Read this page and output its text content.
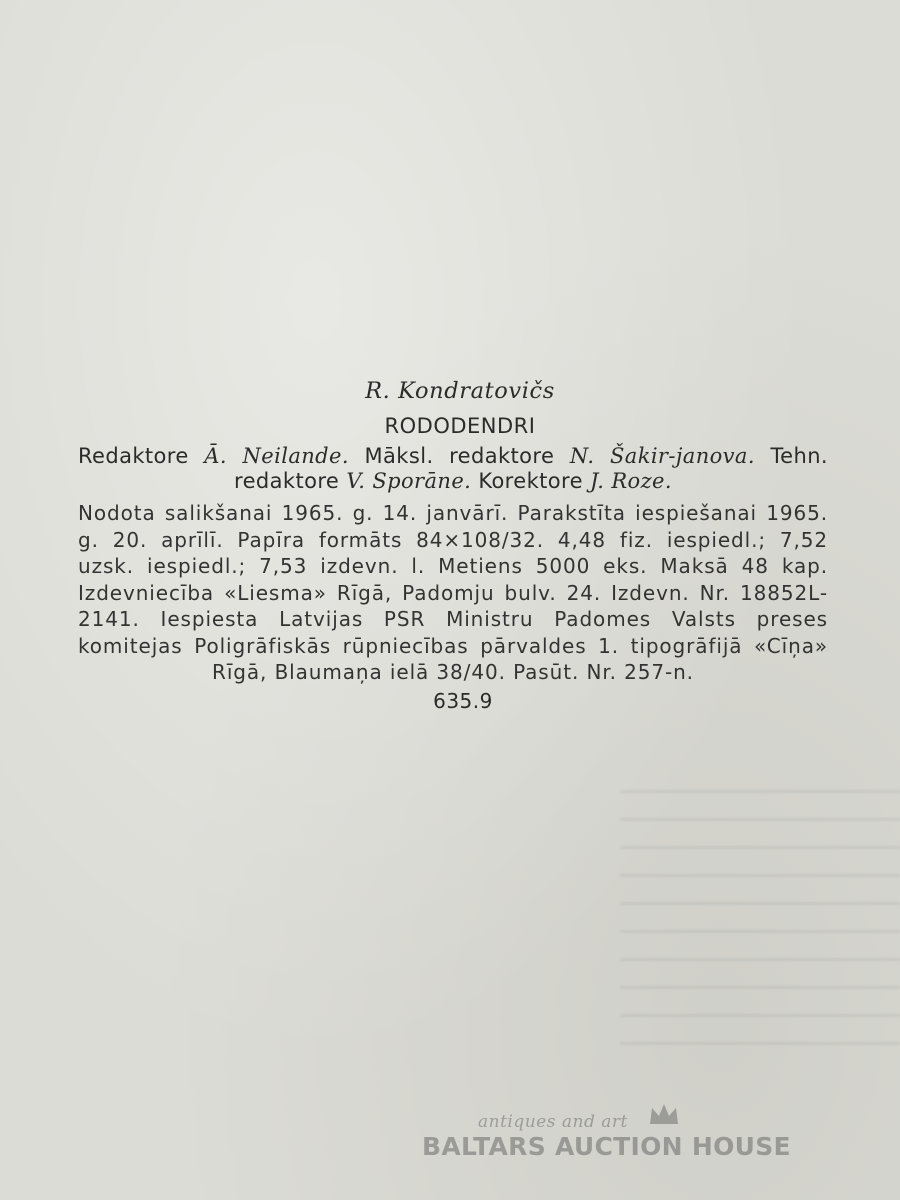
R. Kondratovičs
RODODENDRI
Redaktore Ā. Neilande. Māksl. redaktore N. Šakir-janova. Tehn. redaktore V. Sporāne. Korektore J. Roze.
Nodota salikšanai 1965. g. 14. janvārī. Parakstīta iespiešanai 1965. g. 20. aprīlī. Papīra formāts 84×108/32. 4,48 fiz. iespiedl.; 7,52 uzsk. iespiedl.; 7,53 izdevn. l. Metiens 5000 eks. Maksā 48 kap. Izdevniecība «Liesma» Rīgā, Padomju bulv. 24. Izdevn. Nr. 18852L-2141. Iespiesta Latvijas PSR Ministru Padomes Valsts preses komitejas Poligrāfiskās rūpniecības pārvaldes 1. tipogrāfijā «Cīņa» Rīgā, Blaumaņa ielā 38/40. Pasūt. Nr. 257-n.
635.9
antiques and art
BALTARS AUCTION HOUSE
